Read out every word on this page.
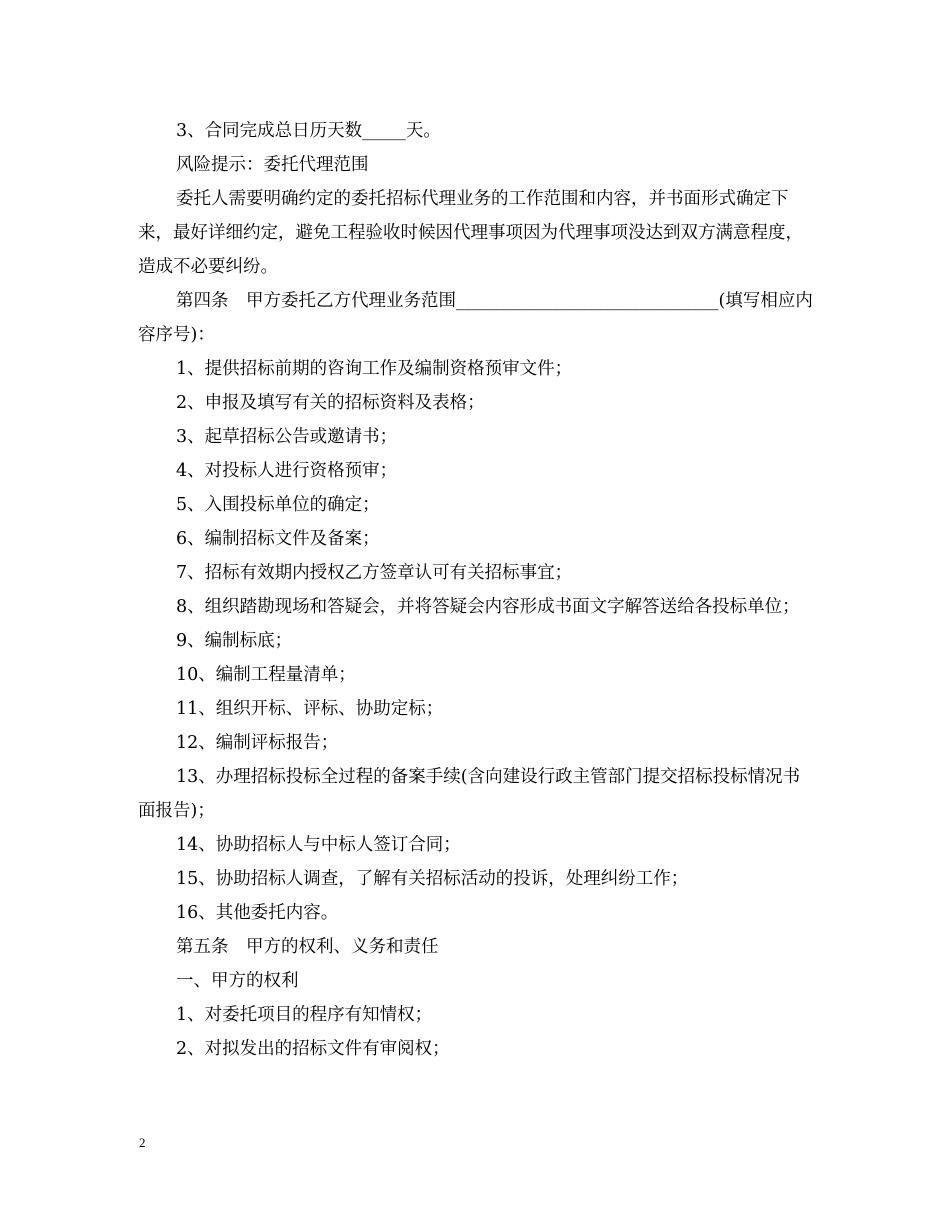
3、合同完成总日历天数_____天。

风险提示：委托代理范围

委托人需要明确约定的委托招标代理业务的工作范围和内容，并书面形式确定下来，最好详细约定，避免工程验收时候因代理事项因为代理事项没达到双方满意程度，造成不必要纠纷。

第四条　甲方委托乙方代理业务范围______________________________(填写相应内容序号)：

1、提供招标前期的咨询工作及编制资格预审文件；

2、申报及填写有关的招标资料及表格；

3、起草招标公告或邀请书；

4、对投标人进行资格预审；

5、入围投标单位的确定；

6、编制招标文件及备案；

7、招标有效期内授权乙方签章认可有关招标事宜；

8、组织踏勘现场和答疑会，并将答疑会内容形成书面文字解答送给各投标单位；

9、编制标底；

10、编制工程量清单；

11、组织开标、评标、协助定标；

12、编制评标报告；

13、办理招标投标全过程的备案手续(含向建设行政主管部门提交招标投标情况书面报告)；

14、协助招标人与中标人签订合同；

15、协助招标人调查，了解有关招标活动的投诉，处理纠纷工作；

16、其他委托内容。

第五条　甲方的权利、义务和责任

一、甲方的权利

1、对委托项目的程序有知情权；

2、对拟发出的招标文件有审阅权；

2
